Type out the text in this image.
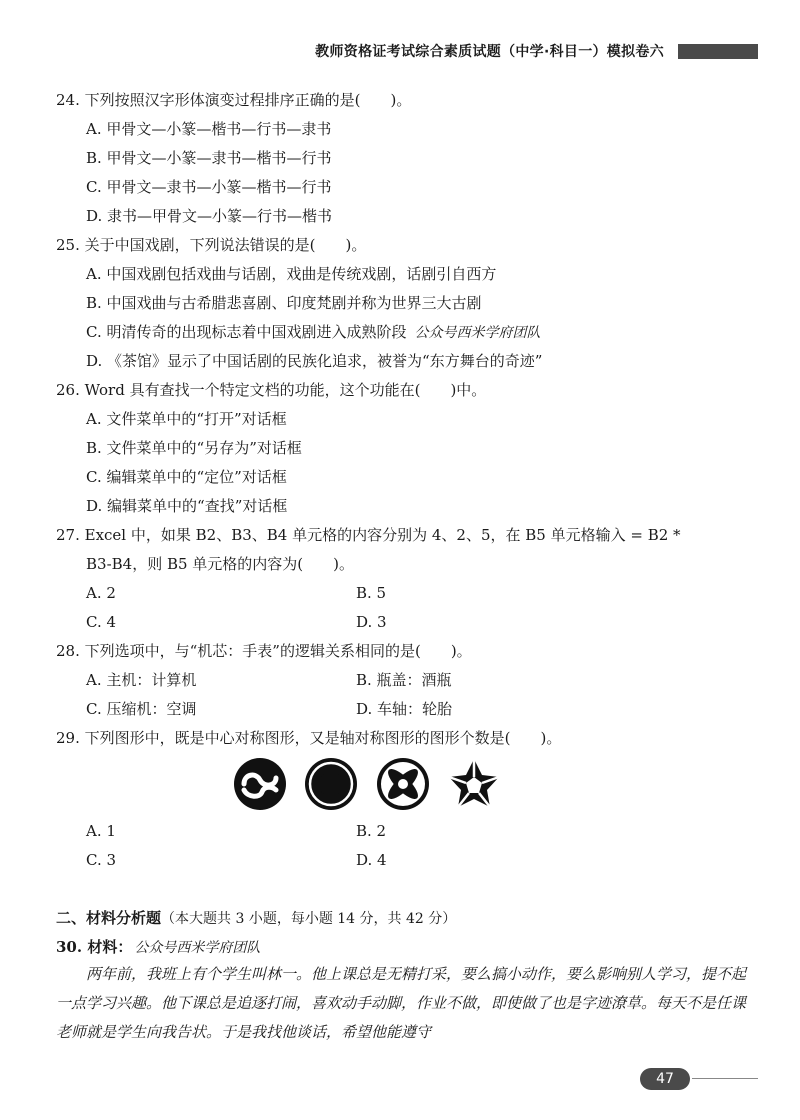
教师资格证考试综合素质试题（中学·科目一）模拟卷六
24. 下列按照汉字形体演变过程排序正确的是(　　)。
A. 甲骨文—小篆—楷书—行书—隶书
B. 甲骨文—小篆—隶书—楷书—行书
C. 甲骨文—隶书—小篆—楷书—行书
D. 隶书—甲骨文—小篆—行书—楷书
25. 关于中国戏剧，下列说法错误的是(　　)。
A. 中国戏剧包括戏曲与话剧，戏曲是传统戏剧，话剧引自西方
B. 中国戏曲与古希腊悲喜剧、印度梵剧并称为世界三大古剧
C. 明清传奇的出现标志着中国戏剧进入成熟阶段 公众号西米学府团队
D. 《茶馆》显示了中国话剧的民族化追求，被誉为“东方舞台的奇迹”
26. Word 具有查找一个特定文档的功能，这个功能在(　　)中。
A. 文件菜单中的“打开”对话框
B. 文件菜单中的“另存为”对话框
C. 编辑菜单中的“定位”对话框
D. 编辑菜单中的“查找”对话框
27. Excel 中，如果 B2、B3、B4 单元格的内容分别为 4、2、5，在 B5 单元格输入 = B2 *
B3-B4，则 B5 单元格的内容为(　　)。
A. 2	B. 5
C. 4	D. 3
28. 下列选项中，与“机芯：手表”的逻辑关系相同的是(　　)。
A. 主机：计算机	B. 瓶盖：酒瓶
C. 压缩机：空调	D. 车轴：轮胎
29. 下列图形中，既是中心对称图形，又是轴对称图形的图形个数是(　　)。
A. 1	B. 2
C. 3	D. 4
二、材料分析题（本大题共 3 小题，每小题 14 分，共 42 分）
30. 材料： 公众号西米学府团队
两年前，我班上有个学生叫林一。他上课总是无精打采，要么搞小动作，要么影响别人学习，提不起一点学习兴趣。他下课总是追逐打闹，喜欢动手动脚，作业不做，即使做了也是字迹潦草。每天不是任课老师就是学生向我告状。于是我找他谈话，希望他能遵守
47
